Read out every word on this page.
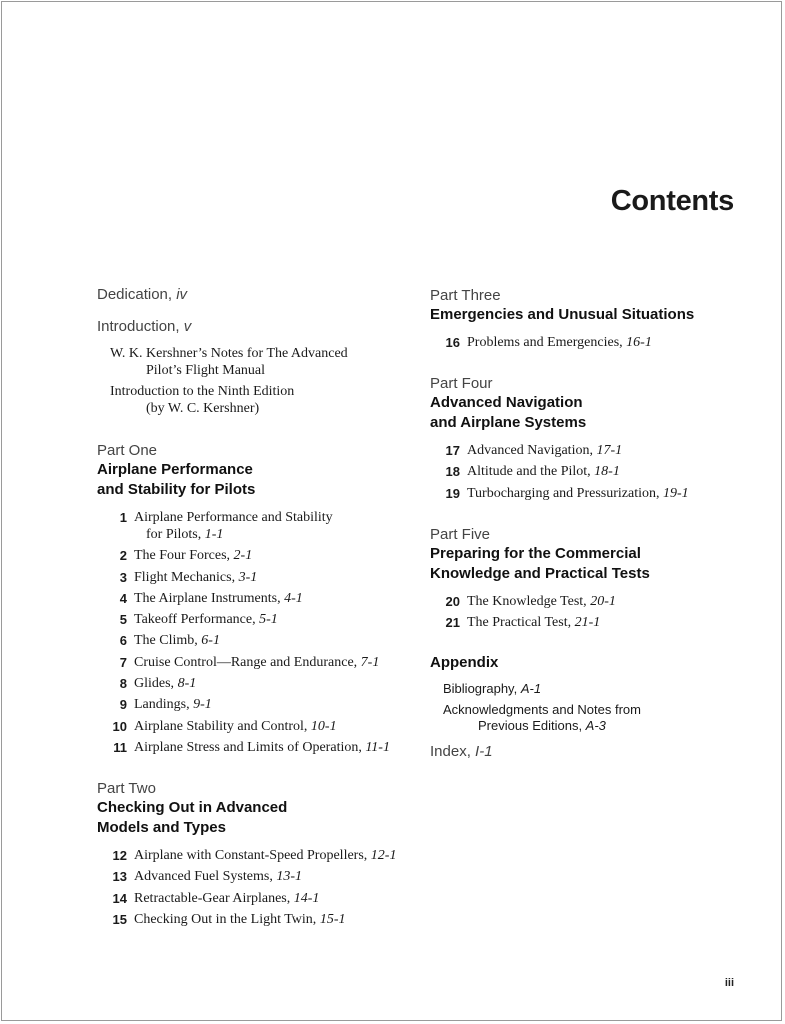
Contents
Dedication, iv
Introduction, v
W. K. Kershner’s Notes for The Advanced
Pilot’s Flight Manual
Introduction to the Ninth Edition
(by W. C. Kershner)
Part One
Airplane Performance
and Stability for Pilots
1 Airplane Performance and Stability
for Pilots, 1-1
2 The Four Forces, 2-1
3 Flight Mechanics, 3-1
4 The Airplane Instruments, 4-1
5 Takeoff Performance, 5-1
6 The Climb, 6-1
7 Cruise Control—Range and Endurance, 7-1
8 Glides, 8-1
9 Landings, 9-1
10 Airplane Stability and Control, 10-1
11 Airplane Stress and Limits of Operation, 11-1
Part Two
Checking Out in Advanced
Models and Types
12 Airplane with Constant-Speed Propellers, 12-1
13 Advanced Fuel Systems, 13-1
14 Retractable-Gear Airplanes, 14-1
15 Checking Out in the Light Twin, 15-1
Part Three
Emergencies and Unusual Situations
16 Problems and Emergencies, 16-1
Part Four
Advanced Navigation
and Airplane Systems
17 Advanced Navigation, 17-1
18 Altitude and the Pilot, 18-1
19 Turbocharging and Pressurization, 19-1
Part Five
Preparing for the Commercial
Knowledge and Practical Tests
20 The Knowledge Test, 20-1
21 The Practical Test, 21-1
Appendix
Bibliography, A-1
Acknowledgments and Notes from
Previous Editions, A-3
Index, I-1
iii
